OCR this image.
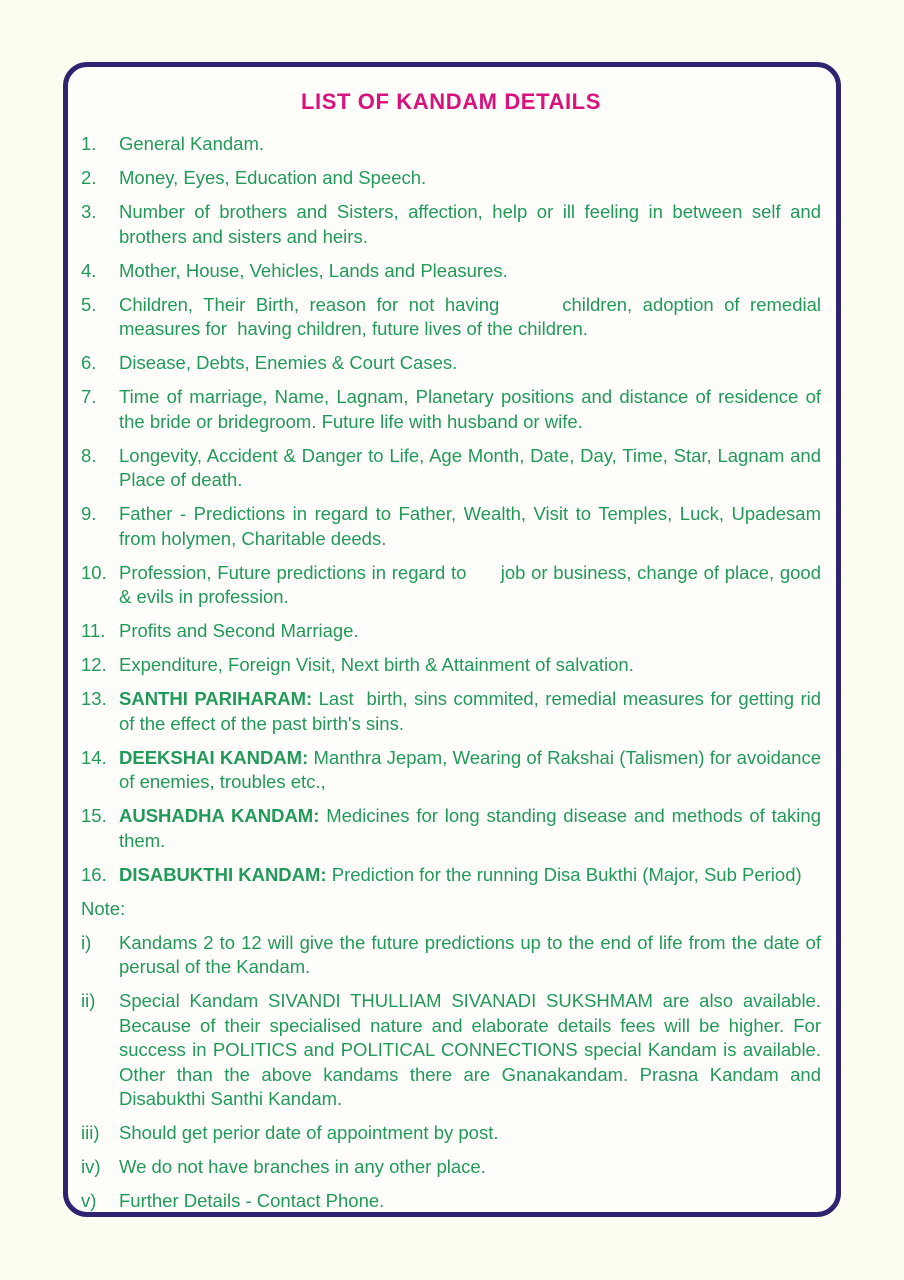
LIST OF KANDAM DETAILS
1.	General Kandam.
2.	Money, Eyes, Education and Speech.
3.	Number of brothers and Sisters, affection, help or ill feeling in between self and brothers and sisters and heirs.
4.	Mother, House, Vehicles, Lands and Pleasures.
5.	Children, Their Birth, reason for not having      children, adoption of remedial measures for  having children, future lives of the children.
6.	Disease, Debts, Enemies & Court Cases.
7.	Time of marriage, Name, Lagnam, Planetary positions and distance of residence of the bride or bridegroom. Future life with husband or wife.
8.	Longevity, Accident & Danger to Life, Age Month, Date, Day, Time, Star, Lagnam and Place of death.
9.	Father - Predictions in regard to Father, Wealth, Visit to Temples, Luck, Upadesam from holymen, Charitable deeds.
10. Profession, Future predictions in regard to      job or business, change of place, good & evils in profession.
11. Profits and Second Marriage.
12. Expenditure, Foreign Visit, Next birth & Attainment of salvation.
13. SANTHI PARIHARAM: Last  birth, sins commited, remedial measures for getting rid of the effect of the past birth's sins.
14. DEEKSHAI KANDAM: Manthra Jepam, Wearing of Rakshai (Talismen) for avoidance of enemies, troubles etc.,
15. AUSHADHA KANDAM: Medicines for long standing disease and methods of taking them.
16. DISABUKTHI KANDAM: Prediction for the running Disa Bukthi (Major, Sub Period)
Note:
i)	Kandams 2 to 12 will give the future predictions up to the end of life from the date of perusal of the Kandam.
ii)	Special Kandam SIVANDI THULLIAM SIVANADI SUKSHMAM are also available. Because of their specialised nature and elaborate details fees will be higher. For success in POLITICS and POLITICAL CONNECTIONS special Kandam is available. Other than the above kandams there are Gnanakandam. Prasna Kandam and Disabukthi Santhi Kandam.
iii)	Should get perior date of appointment by post.
iv) We do not have branches in any other place.
v)	Further Details - Contact Phone.
